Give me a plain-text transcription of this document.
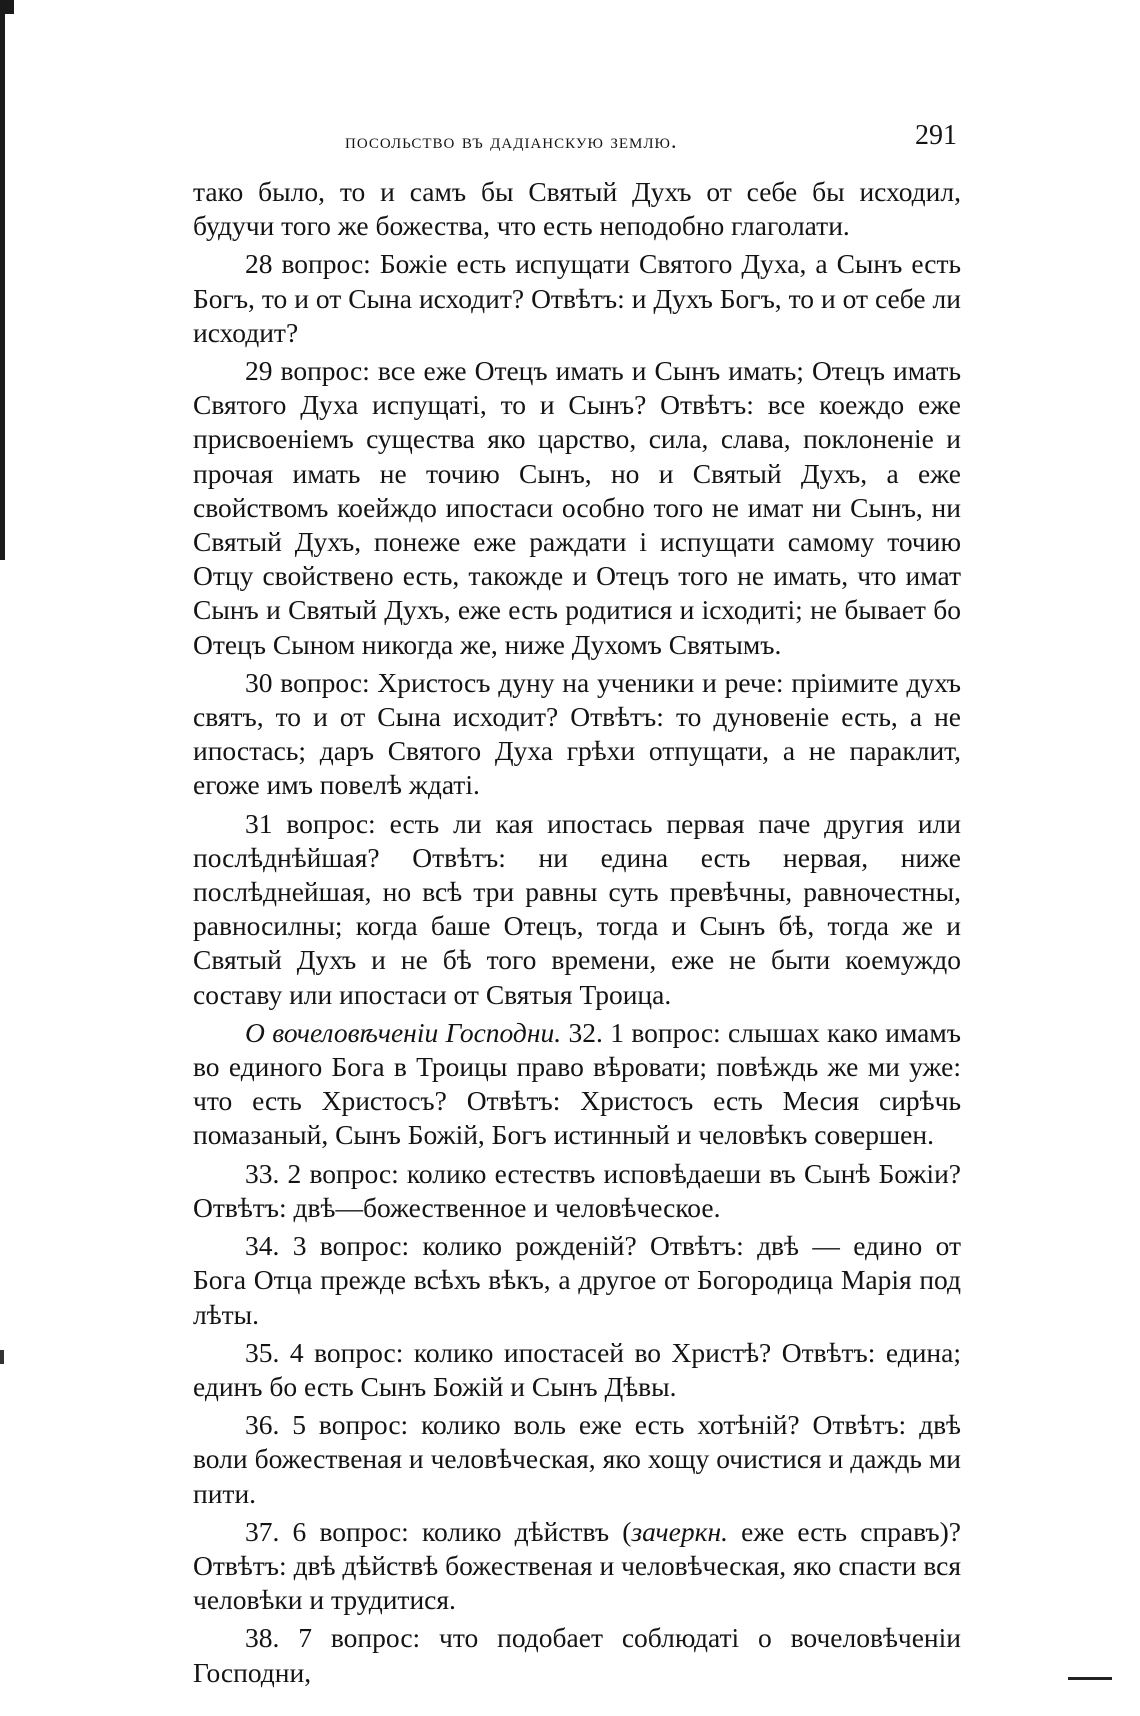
посольство въ дадіанскую землю.	291

тако было, то и самъ бы Святый Духъ от себе бы исходил, будучи того же божества, что есть неподобно глаголати.

28 вопрос: Божіе есть испущати Святого Духа, а Сынъ есть Богъ, то и от Сына исходит? Отвѣтъ: и Духъ Богъ, то и от себе ли исходит?

29 вопрос: все еже Отецъ имать и Сынъ имать; Отецъ имать Святого Духа испущаті, то и Сынъ? Отвѣтъ: все коеждо еже присвоеніемъ существа яко царство, сила, слава, поклоненіе и прочая имать не точию Сынъ, но и Святый Духъ, а еже свойствомъ коейждо ипостаси особно того не имат ни Сынъ, ни Святый Духъ, понеже еже раждати і испущати самому точию Отцу свойствено есть, такожде и Отецъ того не имать, что имат Сынъ и Святый Духъ, еже есть родитися и ісходиті; не бывает бо Отецъ Сыном никогда же, ниже Духомъ Святымъ.

30 вопрос: Христосъ дуну на ученики и рече: пріимите духъ святъ, то и от Сына исходит? Отвѣтъ: то дуновеніе есть, а не ипостась; даръ Святого Духа грѣхи отпущати, а не параклит, егоже имъ повелѣ ждаті.

31 вопрос: есть ли кая ипостась первая паче другия или послѣднѣйшая? Отвѣтъ: ни едина есть нервая, ниже послѣднейшая, но всѣ три равны суть превѣчны, равночестны, равносилны; когда баше Отецъ, тогда и Сынъ бѣ, тогда же и Святый Духъ и не бѣ того времени, еже не быти коемуждо составу или ипостаси от Святыя Троица.

О вочеловѣченіи Господни. 32. 1 вопрос: слышах како имамъ во единого Бога в Троицы право вѣровати; повѣждь же ми уже: что есть Христосъ? Отвѣтъ: Христосъ есть Месия сирѣчь помазаный, Сынъ Божій, Богъ истинный и человѣкъ совершен.

33. 2 вопрос: колико естествъ исповѣдаеши въ Сынѣ Божіи? Отвѣтъ: двѣ—божественное и человѣческое.

34. 3 вопрос: колико рожденій? Отвѣтъ: двѣ — едино от Бога Отца прежде всѣхъ вѣкъ, а другое от Богородица Марія под лѣты.

35. 4 вопрос: колико ипостасей во Христѣ? Отвѣтъ: едина; единъ бо есть Сынъ Божій и Сынъ Дѣвы.

36. 5 вопрос: колико воль еже есть хотѣній? Отвѣтъ: двѣ воли божественая и человѣческая, яко хощу очистися и даждь ми пити.

37. 6 вопрос: колико дѣйствъ (зачеркн. еже есть справъ)? Отвѣтъ: двѣ дѣйствѣ божественая и человѣческая, яко спасти вся человѣки и трудитися.

38. 7 вопрос: что подобает соблюдаті о вочеловѣченіи Господни,
